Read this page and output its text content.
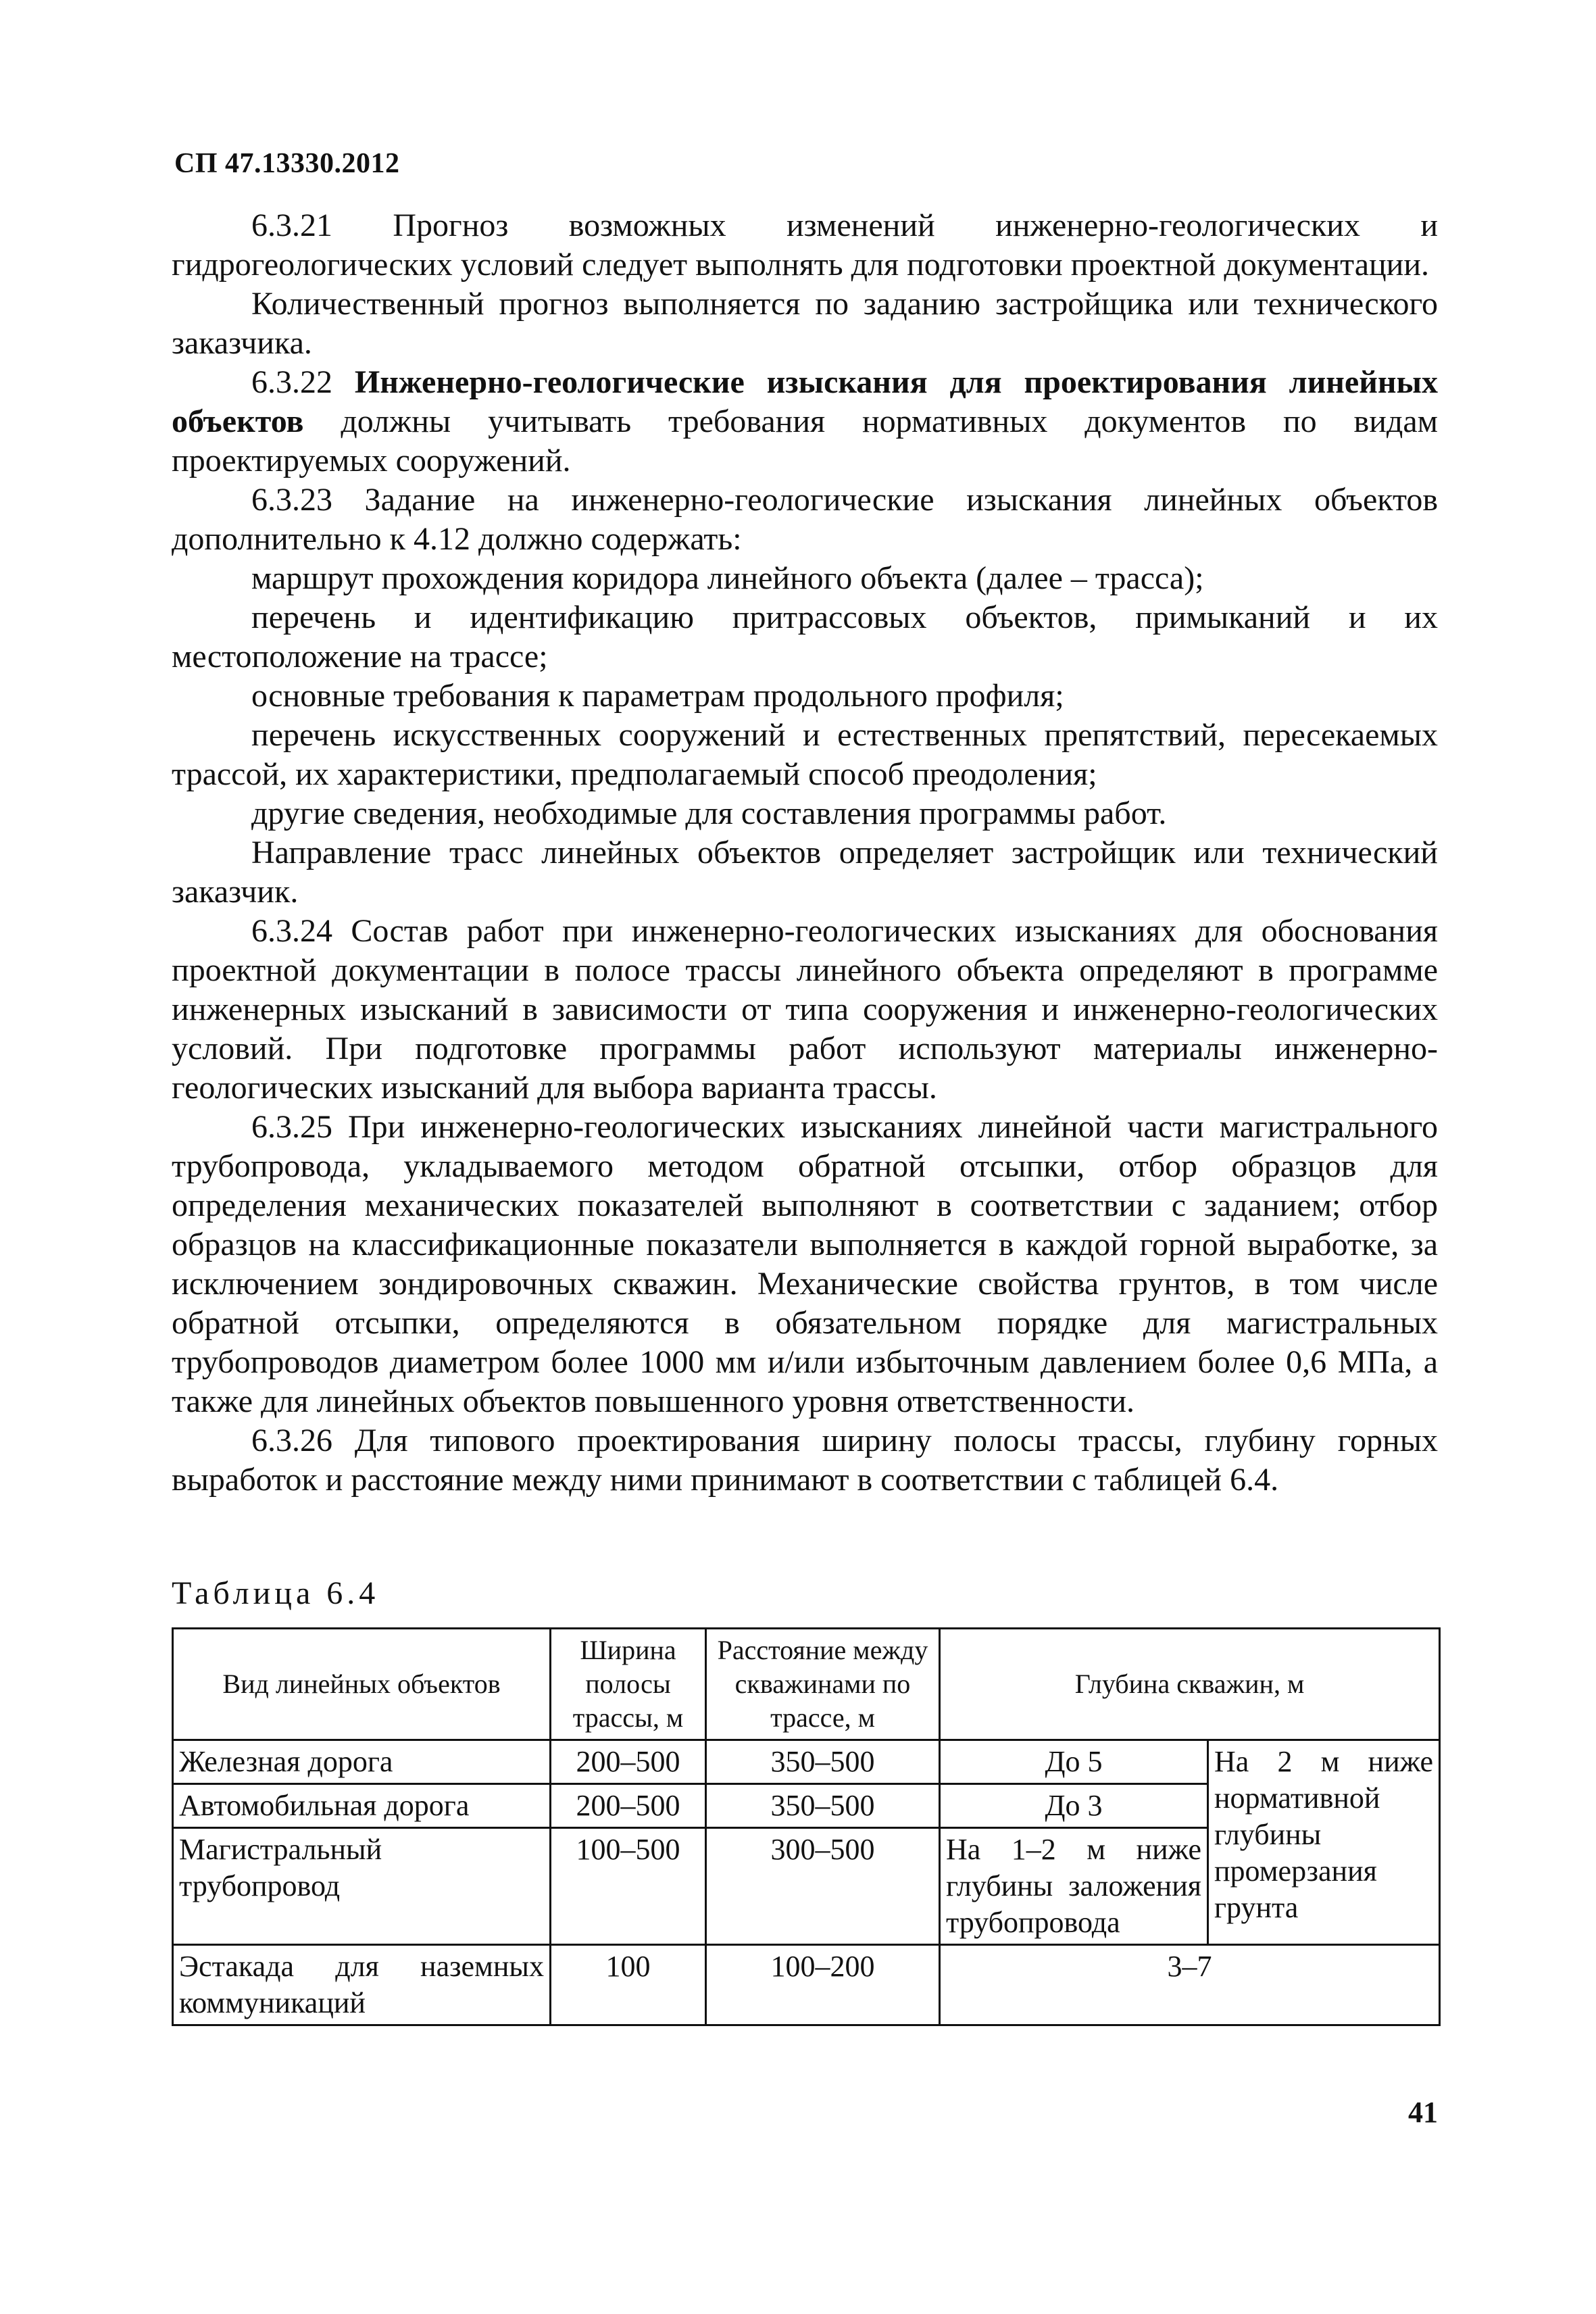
СП 47.13330.2012

6.3.21 Прогноз возможных изменений инженерно-геологических и гидрогеологических условий следует выполнять для подготовки проектной документации.

Количественный прогноз выполняется по заданию застройщика или технического заказчика.

6.3.22 Инженерно-геологические изыскания для проектирования линейных объектов должны учитывать требования нормативных документов по видам проектируемых сооружений.

6.3.23 Задание на инженерно-геологические изыскания линейных объектов дополнительно к 4.12 должно содержать:

маршрут прохождения коридора линейного объекта (далее – трасса);

перечень и идентификацию притрассовых объектов, примыканий и их местоположение на трассе;

основные требования к параметрам продольного профиля;

перечень искусственных сооружений и естественных препятствий, пересекаемых трассой, их характеристики, предполагаемый способ преодоления;

другие сведения, необходимые для составления программы работ.

Направление трасс линейных объектов определяет застройщик или технический заказчик.

6.3.24 Состав работ при инженерно-геологических изысканиях для обоснования проектной документации в полосе трассы линейного объекта определяют в программе инженерных изысканий в зависимости от типа сооружения и инженерно-геологических условий. При подготовке программы работ используют материалы инженерно-геологических изысканий для выбора варианта трассы.

6.3.25 При инженерно-геологических изысканиях линейной части магистрального трубопровода, укладываемого методом обратной отсыпки, отбор образцов для определения механических показателей выполняют в соответствии с заданием; отбор образцов на классификационные показатели выполняется в каждой горной выработке, за исключением зондировочных скважин. Механические свойства грунтов, в том числе обратной отсыпки, определяются в обязательном порядке для магистральных трубопроводов диаметром более 1000 мм и/или избыточным давлением более 0,6 МПа, а также для линейных объектов повышенного уровня ответственности.

6.3.26 Для типового проектирования ширину полосы трассы, глубину горных выработок и расстояние между ними принимают в соответствии с таблицей 6.4.

Таблица 6.4
Вид линейных объектов	Ширина полосы трассы, м	Расстояние между скважинами по трассе, м	Глубина скважин, м	
Железная дорога	200–500	350–500	До 5	На 2 м ниже нормативной глубины промерзания грунта
Автомобильная дорога	200–500	350–500	До 3	
Магистральный трубопровод	100–500	300–500	На 1–2 м ниже глубины заложения трубопровода	
Эстакада для наземных коммуникаций	100	100–200	3–7	
41
